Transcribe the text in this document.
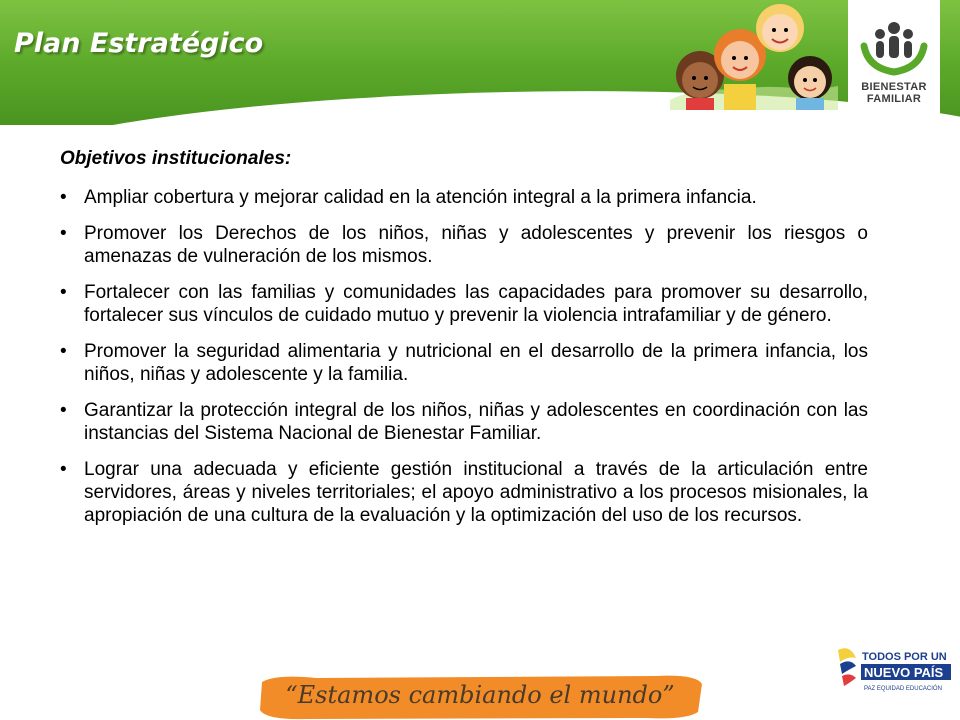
BIENESTAR
FAMILIAR
Plan Estratégico

Objetivos institucionales:

• Ampliar cobertura y mejorar calidad en la atención integral a la primera infancia.
• Promover los Derechos de los niños, niñas y adolescentes y prevenir los riesgos o amenazas de vulneración de los mismos.
• Fortalecer con las familias y comunidades las capacidades para promover su desarrollo, fortalecer sus vínculos de cuidado mutuo y prevenir la violencia intrafamiliar y de género.
• Promover la seguridad alimentaria y nutricional en el desarrollo de la primera infancia, los niños, niñas y adolescente y la familia.
• Garantizar la protección integral de los niños, niñas y adolescentes en coordinación con las instancias del Sistema Nacional de Bienestar Familiar.
• Lograr una adecuada y eficiente gestión institucional a través de la articulación entre servidores, áreas y niveles territoriales; el apoyo administrativo a los procesos misionales, la apropiación de una cultura de la evaluación y la optimización del uso de los recursos.
“Estamos cambiando el mundo”
TODOS POR UN
NUEVO PAÍS
PAZ EQUIDAD EDUCACIÓN
